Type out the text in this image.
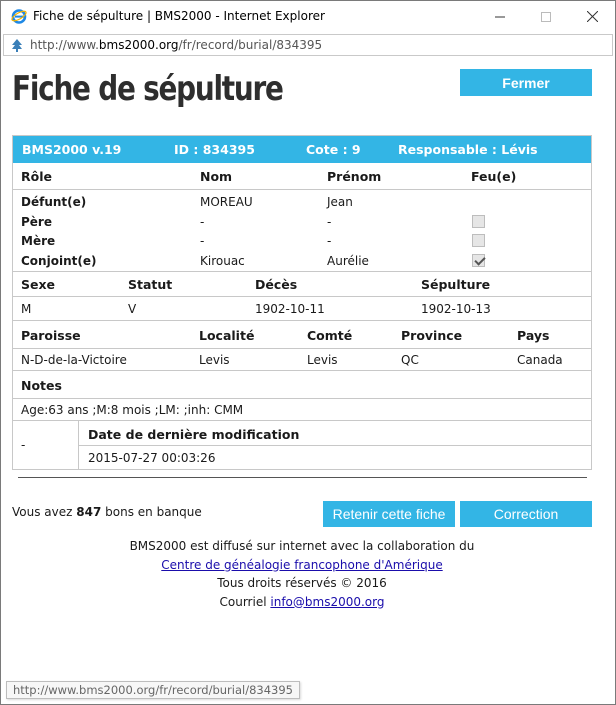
Fiche de sépulture | BMS2000 - Internet Explorer
http://www.bms2000.org/fr/record/burial/834395
Fiche de sépulture	Fermer
BMS2000 v.19	ID : 834395	Cote : 9	Responsable : Lévis
Rôle	Nom	Prénom	Feu(e)
Défunt(e)	MOREAU	Jean
Père	-	-
Mère	-	-
Conjoint(e)	Kirouac	Aurélie
Sexe	Statut	Décès	Sépulture
M	V	1902-10-11	1902-10-13
Paroisse	Localité	Comté	Province	Pays
N-D-de-la-Victoire	Levis	Levis	QC	Canada
Notes
Age:63 ans ;M:8 mois ;LM: ;inh: CMM
-
Date de dernière modification
2015-07-27 00:03:26
Vous avez 847 bons en banque	Retenir cette fiche	Correction
BMS2000 est diffusé sur internet avec la collaboration du
Centre de généalogie francophone d'Amérique
Tous droits réservés © 2016
Courriel info@bms2000.org
http://www.bms2000.org/fr/record/burial/834395
